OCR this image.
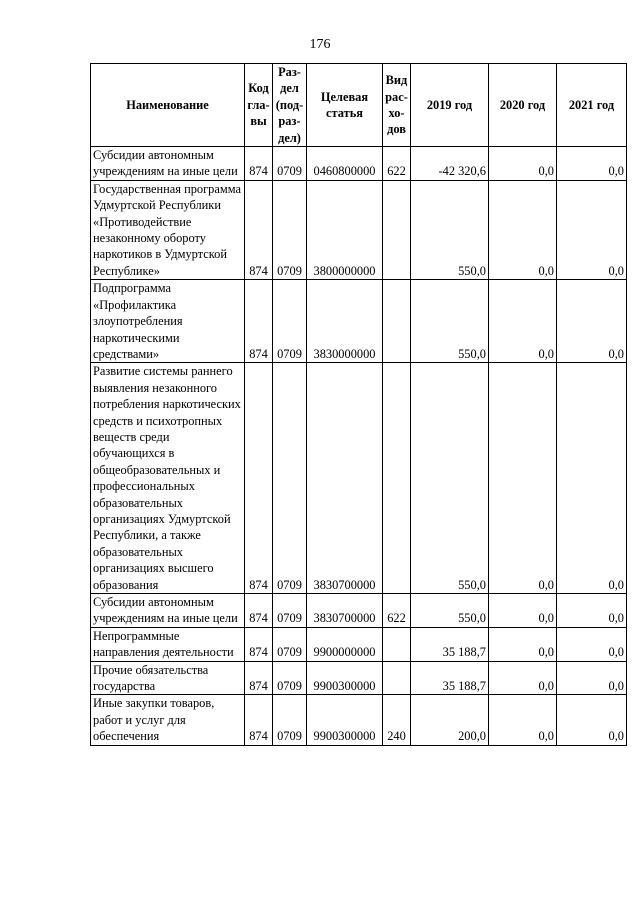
176
Наименование	Код гла- вы	Раз- дел (под- раз- дел)	Целевая статья	Вид рас- хо- дов	2019 год	2020 год	2021 год
Субсидии автономным учреждениям на иные цели	874	0709	0460800000	622	-42 320,6	0,0	0,0
Государственная программа Удмуртской Республики «Противодействие незаконному обороту наркотиков в Удмуртской Республике»	874	0709	3800000000		550,0	0,0	0,0
Подпрограмма «Профилактика злоупотребления наркотическими средствами»	874	0709	3830000000		550,0	0,0	0,0
Развитие системы раннего выявления незаконного потребления наркотических средств и психотропных веществ среди обучающихся в общеобразовательных и профессиональных образовательных организациях Удмуртской Республики, а также образовательных организациях высшего образования	874	0709	3830700000		550,0	0,0	0,0
Субсидии автономным учреждениям на иные цели	874	0709	3830700000	622	550,0	0,0	0,0
Непрограммные направления деятельности	874	0709	9900000000		35 188,7	0,0	0,0
Прочие обязательства государства	874	0709	9900300000		35 188,7	0,0	0,0
Иные закупки товаров, работ и услуг для обеспечения	874	0709	9900300000	240	200,0	0,0	0,0
